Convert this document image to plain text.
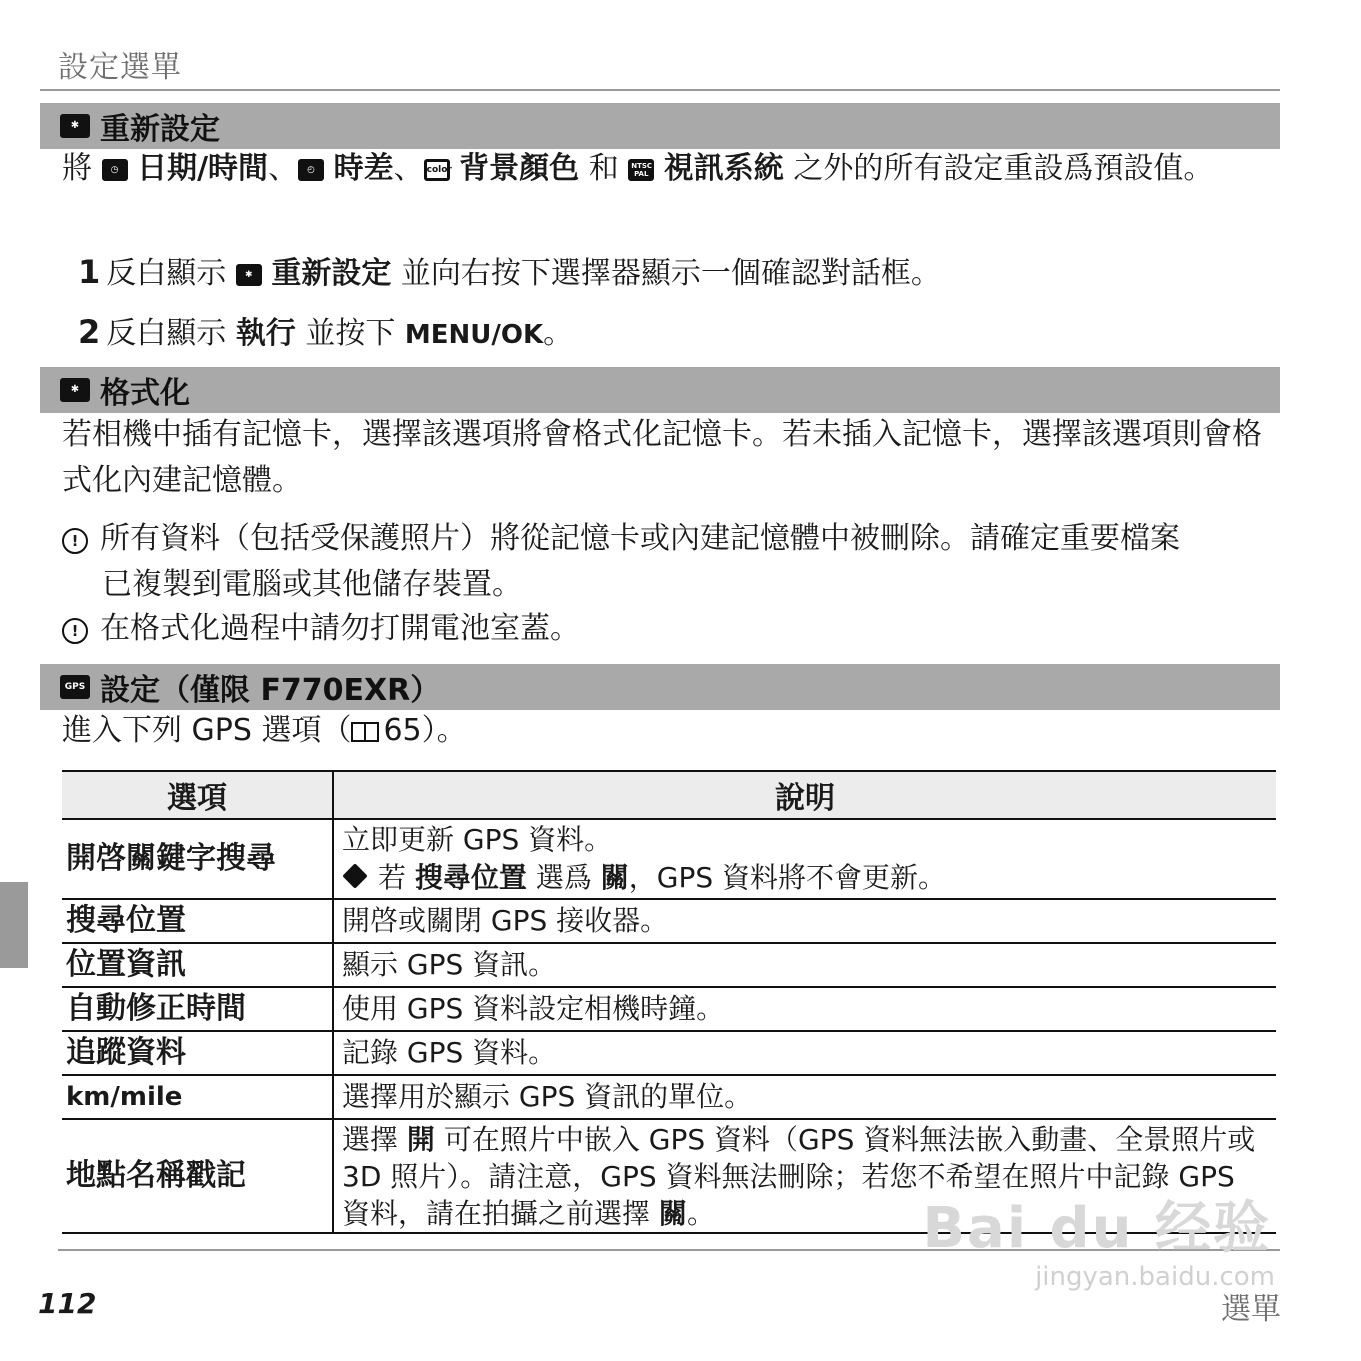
設定選單
✱ 重新設定
將 ◷ 日期/時間、 ◴ 時差、 color 背景顏色 和 NTSC PAL 視訊系統 之外的所有設定重設爲預設值。
1 反白顯示 ✱ 重新設定 並向右按下選擇器顯示一個確認對話框。
2 反白顯示 執行 並按下 MENU/OK。
✱ 格式化
若相機中插有記憶卡，選擇該選項將會格式化記憶卡。若未插入記憶卡，選擇該選項則會格式化內建記憶體。
! 所有資料（包括受保護照片）將從記憶卡或內建記憶體中被刪除。請確定重要檔案
已複製到電腦或其他儲存裝置。
! 在格式化過程中請勿打開電池室蓋。
GPS 設定（僅限 F770EXR）
進入下列 GPS 選項（ 65）。
選項	說明
開啓關鍵字搜尋	立即更新 GPS 資料。
若 搜尋位置 選爲 關，GPS 資料將不會更新。

搜尋位置	開啓或關閉 GPS 接收器。
位置資訊	顯示 GPS 資訊。
自動修正時間	使用 GPS 資料設定相機時鐘。
追蹤資料	記錄 GPS 資料。
km/mile	選擇用於顯示 GPS 資訊的單位。
地點名稱戳記	選擇 開 可在照片中嵌入 GPS 資料（GPS 資料無法嵌入動畫、全景照片或 3D 照片）。請注意，GPS 資料無法刪除；若您不希望在照片中記錄 GPS 資料，請在拍攝之前選擇 關。
112	選單
Bai du 经验
jingyan.baidu.com
